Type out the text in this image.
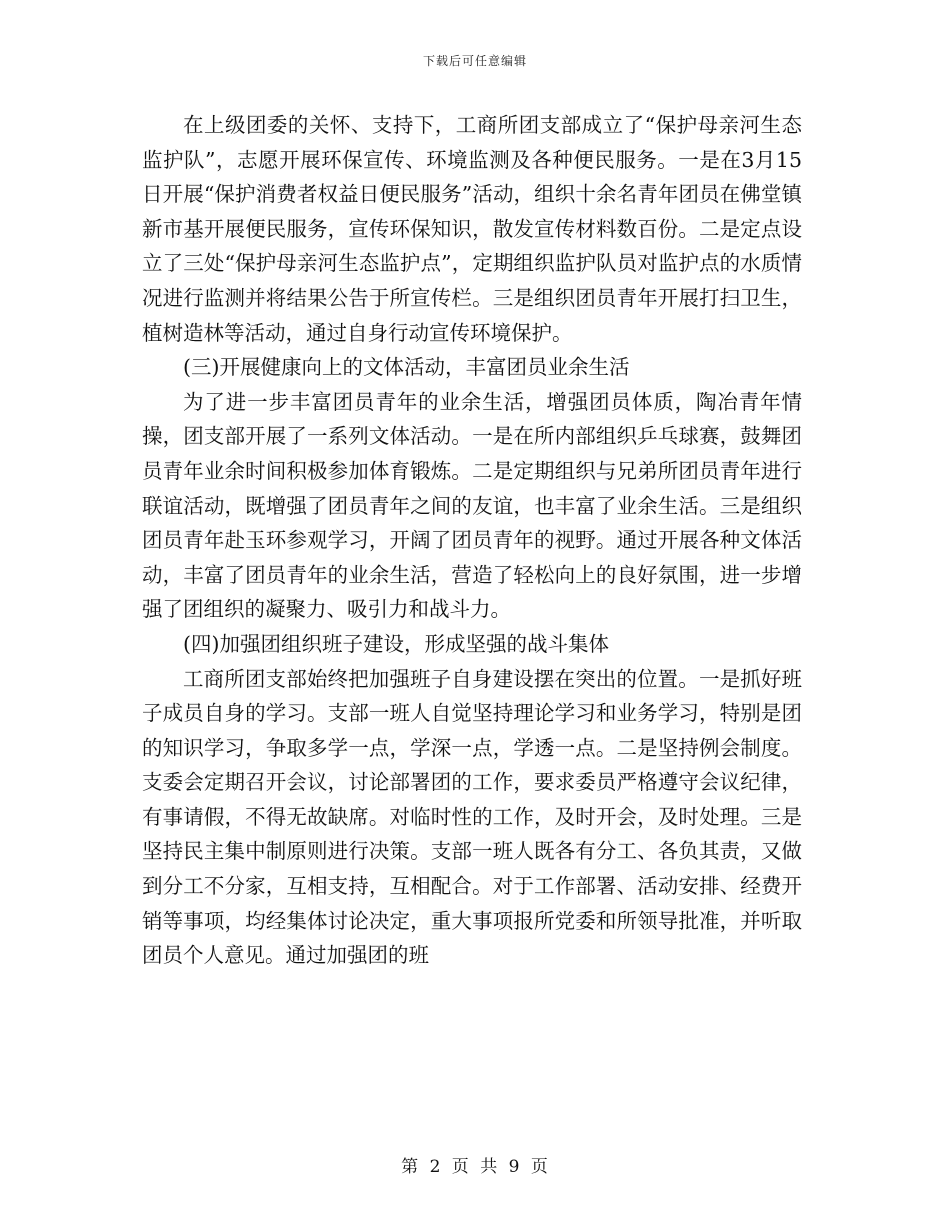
下载后可任意编辑

在上级团委的关怀、支持下，工商所团支部成立了“保护母亲河生态监护队”，志愿开展环保宣传、环境监测及各种便民服务。一是在3月15日开展“保护消费者权益日便民服务”活动，组织十余名青年团员在佛堂镇新市基开展便民服务，宣传环保知识，散发宣传材料数百份。二是定点设立了三处“保护母亲河生态监护点”，定期组织监护队员对监护点的水质情况进行监测并将结果公告于所宣传栏。三是组织团员青年开展打扫卫生，植树造林等活动，通过自身行动宣传环境保护。

(三)开展健康向上的文体活动，丰富团员业余生活

为了进一步丰富团员青年的业余生活，增强团员体质，陶冶青年情操，团支部开展了一系列文体活动。一是在所内部组织乒乓球赛，鼓舞团员青年业余时间积极参加体育锻炼。二是定期组织与兄弟所团员青年进行联谊活动，既增强了团员青年之间的友谊，也丰富了业余生活。三是组织团员青年赴玉环参观学习，开阔了团员青年的视野。通过开展各种文体活动，丰富了团员青年的业余生活，营造了轻松向上的良好氛围，进一步增强了团组织的凝聚力、吸引力和战斗力。

(四)加强团组织班子建设，形成坚强的战斗集体

工商所团支部始终把加强班子自身建设摆在突出的位置。一是抓好班子成员自身的学习。支部一班人自觉坚持理论学习和业务学习，特别是团的知识学习，争取多学一点，学深一点，学透一点。二是坚持例会制度。支委会定期召开会议，讨论部署团的工作，要求委员严格遵守会议纪律，有事请假，不得无故缺席。对临时性的工作，及时开会，及时处理。三是坚持民主集中制原则进行决策。支部一班人既各有分工、各负其责，又做到分工不分家，互相支持，互相配合。对于工作部署、活动安排、经费开销等事项，均经集体讨论决定，重大事项报所党委和所领导批准，并听取团员个人意见。通过加强团的班

第 2 页 共 9 页
